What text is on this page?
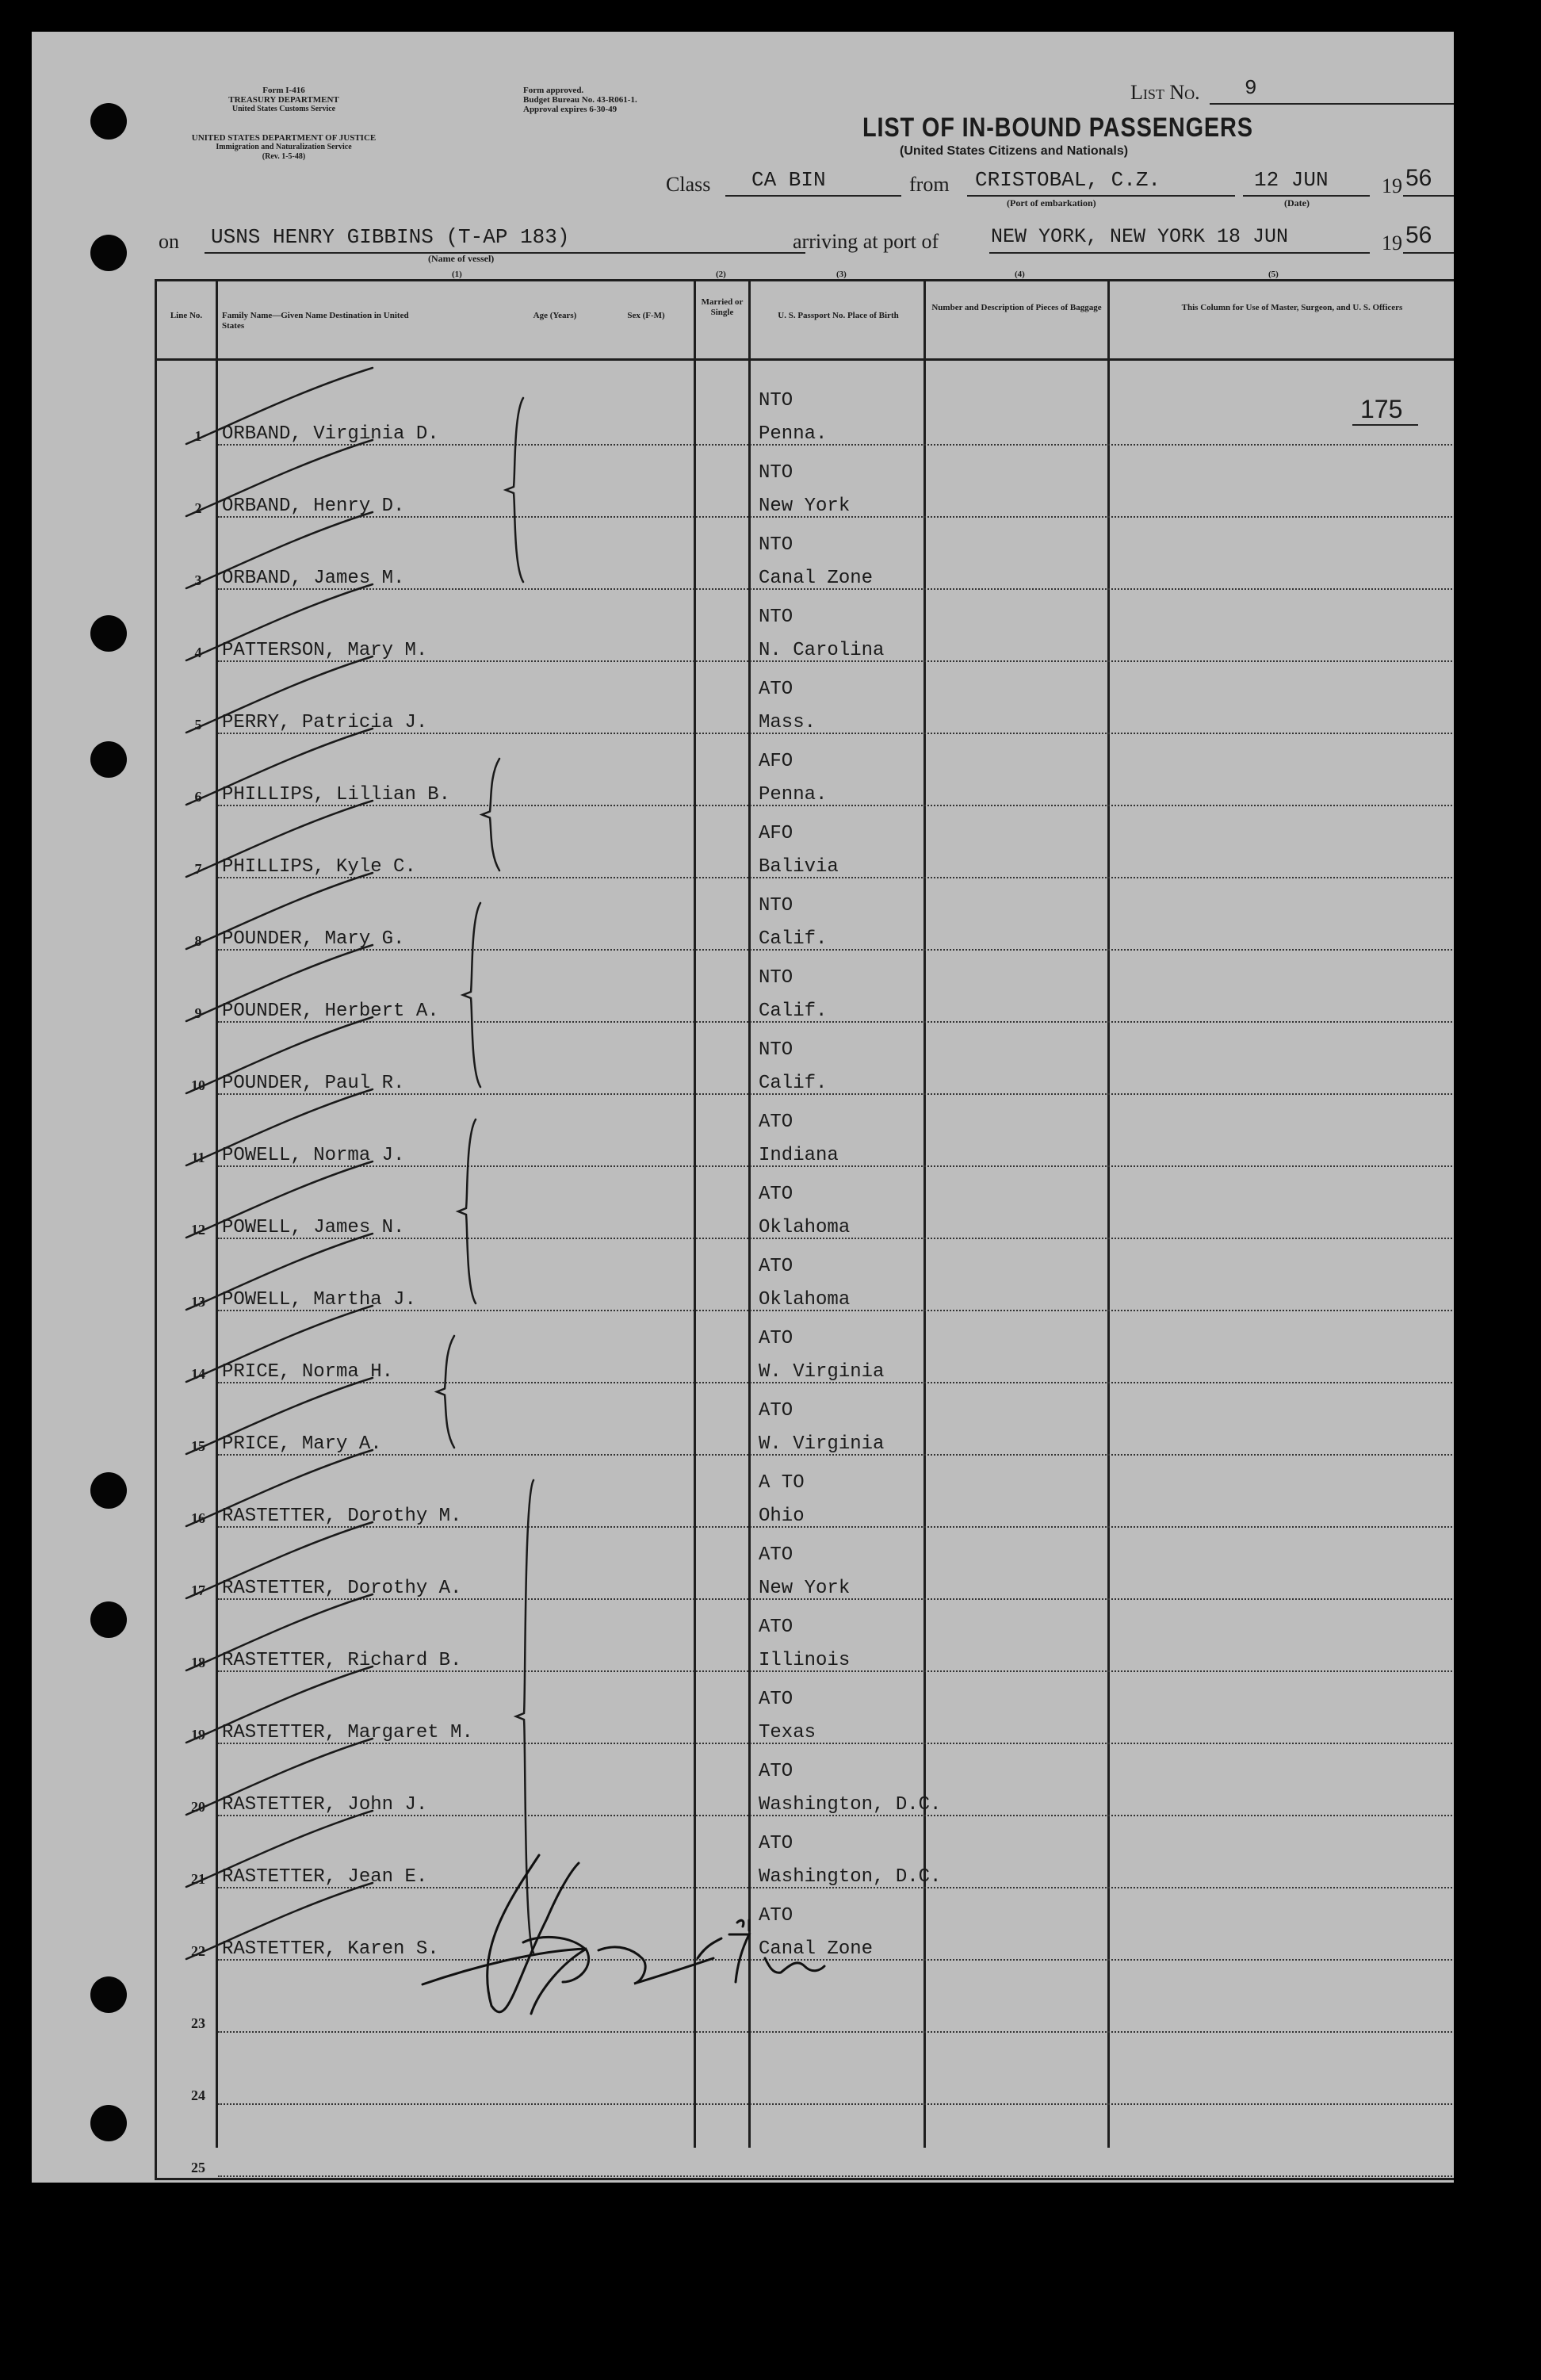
Form I-416
TREASURY DEPARTMENT
United States Customs Service
UNITED STATES DEPARTMENT OF JUSTICE
Immigration and Naturalization Service
(Rev. 1-5-48)
Form approved.
Budget Bureau No. 43-R061-1.
Approval expires 6-30-49
List No. 9
LIST OF IN-BOUND PASSENGERS
(United States Citizens and Nationals)
Class CA BIN	from CRISTOBAL, C.Z.
(Port of embarkation)
12 JUN
(Date)
19 56
on USNS HENRY GIBBINS (T-AP 183)
(Name of vessel)
arriving at port of	NEW YORK, NEW YORK 18 JUN	19 56
(1)	(2)	(3)	(4)	(5)
Line No.	Family Name—Given Name Destination in United States
Age (Years)	Sex (F-M)
Married or Single	U. S. Passport No. Place of Birth
Number and Description of Pieces of Baggage	This Column for Use of Master, Surgeon, and U. S. Officers
175
1	ORBAND, Virginia D.
NTO
Penna.
2	ORBAND, Henry D.
NTO
New York
3	ORBAND, James M.
NTO
Canal Zone
4	PATTERSON, Mary M.
NTO
N. Carolina
5	PERRY, Patricia J.
ATO
Mass.
6	PHILLIPS, Lillian B.
AFO
Penna.
7	PHILLIPS, Kyle C.
AFO
Balivia
8	POUNDER, Mary G.
NTO
Calif.
9	POUNDER, Herbert A.
NTO
Calif.
10 POUNDER, Paul R.
NTO
Calif.
11 POWELL, Norma J.
ATO
Indiana
12 POWELL, James N.
ATO
Oklahoma
13 POWELL, Martha J.
ATO
Oklahoma
14 PRICE, Norma H.
ATO
W. Virginia
15 PRICE, Mary A.
ATO
W. Virginia
16 RASTETTER, Dorothy M.
A TO
Ohio
17 RASTETTER, Dorothy A.
ATO
New York
18 RASTETTER, Richard B.
ATO
Illinois
19 RASTETTER, Margaret M.
ATO
Texas
20 RASTETTER, John J.
ATO
Washington, D.C.
21 RASTETTER, Jean E.
ATO
Washington, D.C.
22 RASTETTER, Karen S.
ATO
Canal Zone
23
24
25
